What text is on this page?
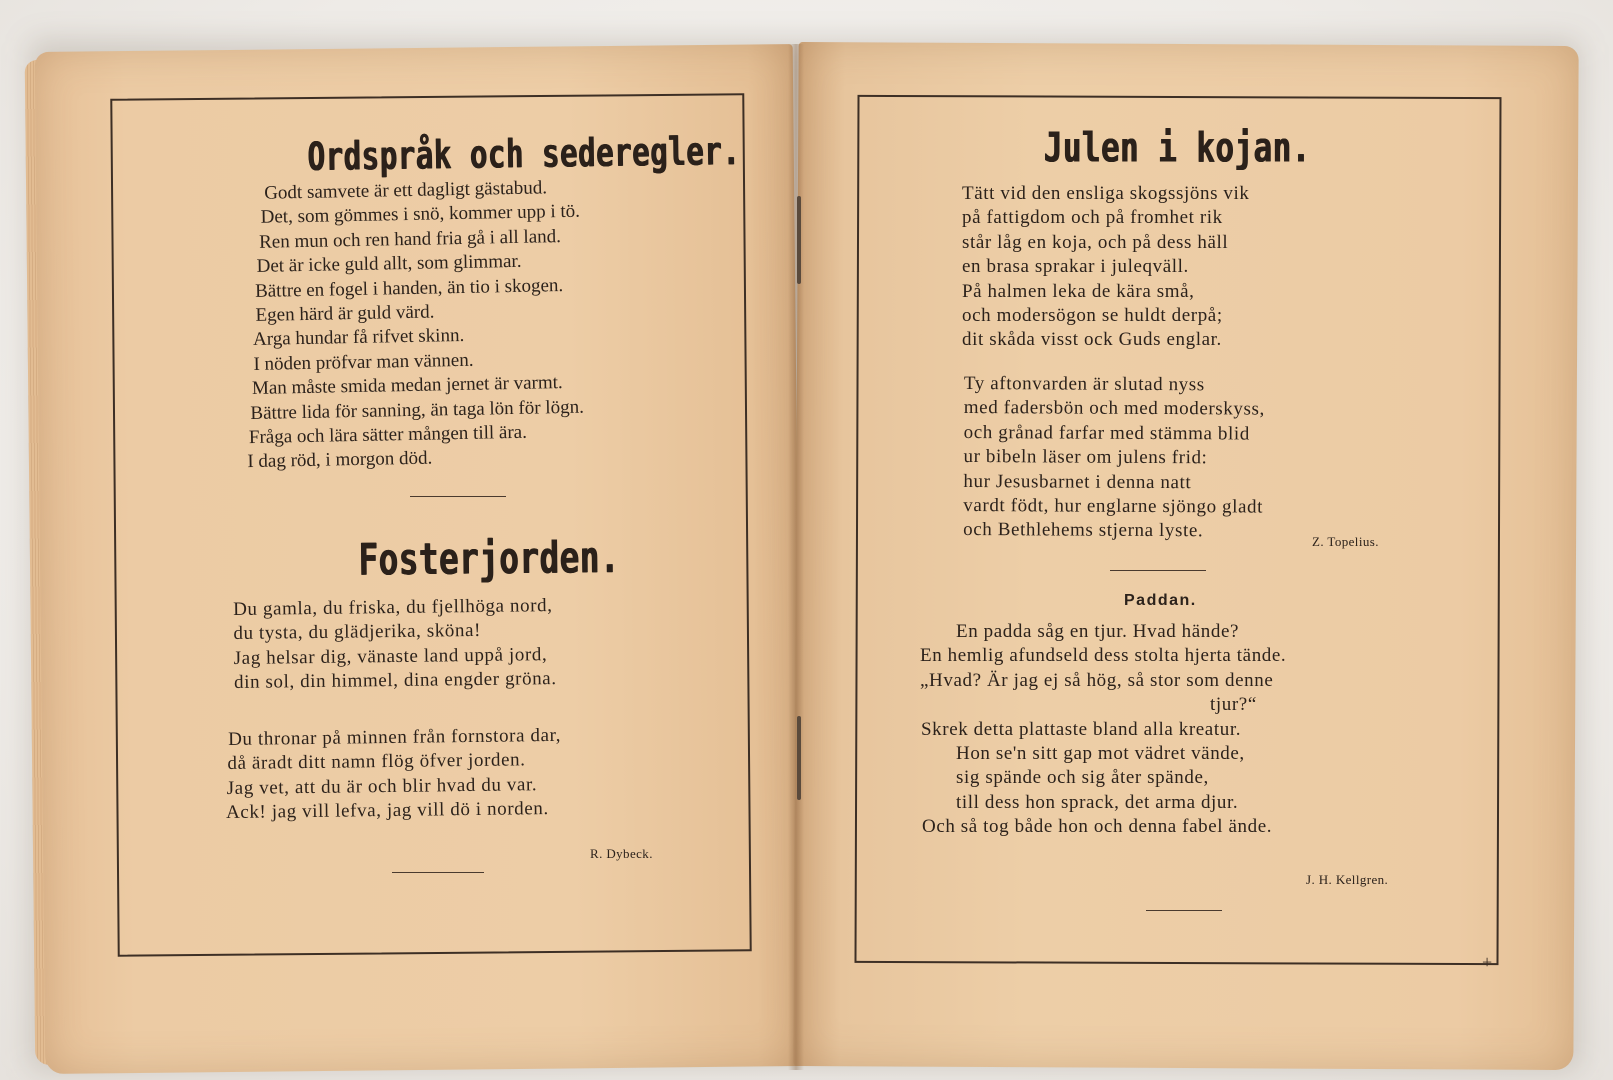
+
Ordspråk och sederegler.
Godt samvete är ett dagligt gästabud.
Det, som gömmes i snö, kommer upp i tö.
Ren mun och ren hand fria gå i all land.
Det är icke guld allt, som glimmar.
Bättre en fogel i handen, än tio i skogen.
Egen härd är guld värd.
Arga hundar få rifvet skinn.
I nöden pröfvar man vännen.
Man måste smida medan jernet är varmt.
Bättre lida för sanning, än taga lön för lögn.
Fråga och lära sätter mången till ära.
I dag röd, i morgon död.
Fosterjorden.
Du gamla, du friska, du fjellhöga nord,
du tysta, du glädjerika, sköna!
Jag helsar dig, vänaste land uppå jord,
din sol, din himmel, dina engder gröna.
Du thronar på minnen från fornstora dar,
då äradt ditt namn flög öfver jorden.
Jag vet, att du är och blir hvad du var.
Ack! jag vill lefva, jag vill dö i norden.
R. Dybeck.
Julen i kojan.
Tätt vid den ensliga skogssjöns vik
på fattigdom och på fromhet rik
står låg en koja, och på dess häll
en brasa sprakar i juleqväll.
På halmen leka de kära små,
och modersögon se huldt derpå;
dit skåda visst ock Guds englar.
Ty aftonvarden är slutad nyss
med fadersbön och med moderskyss,
och grånad farfar med stämma blid
ur bibeln läser om julens frid:
hur Jesusbarnet i denna natt
vardt födt, hur englarne sjöngo gladt
och Bethlehems stjerna lyste.	Z. Topelius.
Paddan.
En padda såg en tjur. Hvad hände?
En hemlig afundseld dess stolta hjerta tände.
„Hvad? Är jag ej så hög, så stor som denne
tjur?“
Skrek detta plattaste bland alla kreatur.
Hon se'n sitt gap mot vädret vände,
sig spände och sig åter spände,
till dess hon sprack, det arma djur.
Och så tog både hon och denna fabel ände.
J. H. Kellgren.
